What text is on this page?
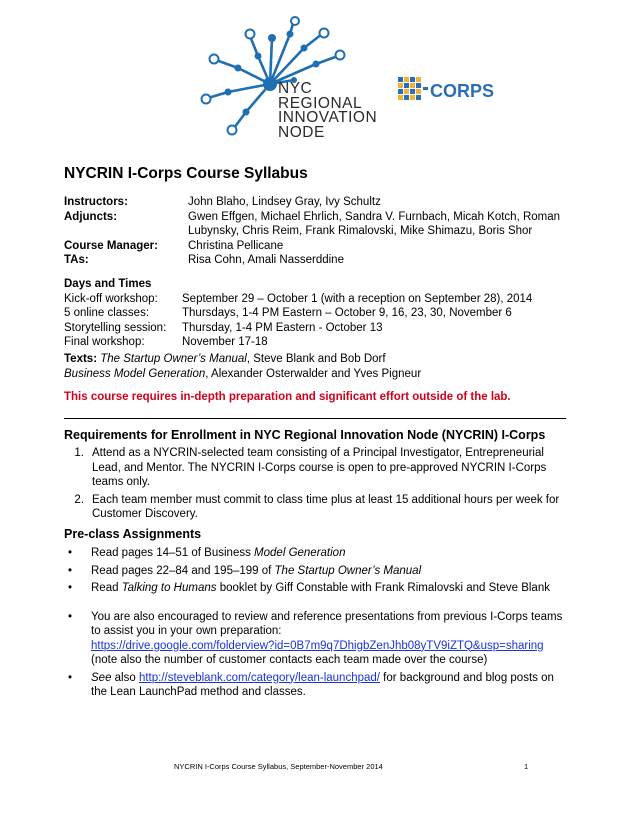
NYC
REGIONAL
INNOVATION
NODE
CORPS
NYCRIN I-Corps Course Syllabus
Instructors:	John Blaho, Lindsey Gray, Ivy Schultz
Adjuncts:	Gwen Effgen, Michael Ehrlich, Sandra V. Furnbach, Micah Kotch, Roman Lubynsky, Chris Reim, Frank Rimalovski, Mike Shimazu, Boris Shor
Course Manager:	Christina Pellicane
TAs:	Risa Cohn, Amali Nasserddine
Days and Times
Kick-off workshop:	September 29 – October 1 (with a reception on September 28), 2014
5 online classes:	Thursdays, 1-4 PM Eastern – October 9, 16, 23, 30, November 6
Storytelling session:	Thursday, 1-4 PM Eastern - October 13
Final workshop:	November 17-18
Texts: The Startup Owner’s Manual, Steve Blank and Bob Dorf
Business Model Generation, Alexander Osterwalder and Yves Pigneur
This course requires in-depth preparation and significant effort outside of the lab.
Requirements for Enrollment in NYC Regional Innovation Node (NYCRIN) I-Corps
1. Attend as a NYCRIN-selected team consisting of a Principal Investigator, Entrepreneurial Lead, and Mentor. The NYCRIN I-Corps course is open to pre-approved NYCRIN I-Corps teams only.
2. Each team member must commit to class time plus at least 15 additional hours per week for Customer Discovery.
Pre-class Assignments
•	Read pages 14–51 of Business Model Generation
•	Read pages 22–84 and 195–199 of The Startup Owner’s Manual
•	Read Talking to Humans booklet by Giff Constable with Frank Rimalovski and Steve Blank
•	You are also encouraged to review and reference presentations from previous I-Corps teams to assist you in your own preparation:
https://drive.google.com/folderview?id=0B7m9q7DhigbZenJhb08yTV9iZTQ&usp=sharing
(note also the number of customer contacts each team made over the course)
•	See also http://steveblank.com/category/lean-launchpad/ for background and blog posts on the Lean LaunchPad method and classes.
NYCRIN I-Corps Course Syllabus, September-November 2014	1
